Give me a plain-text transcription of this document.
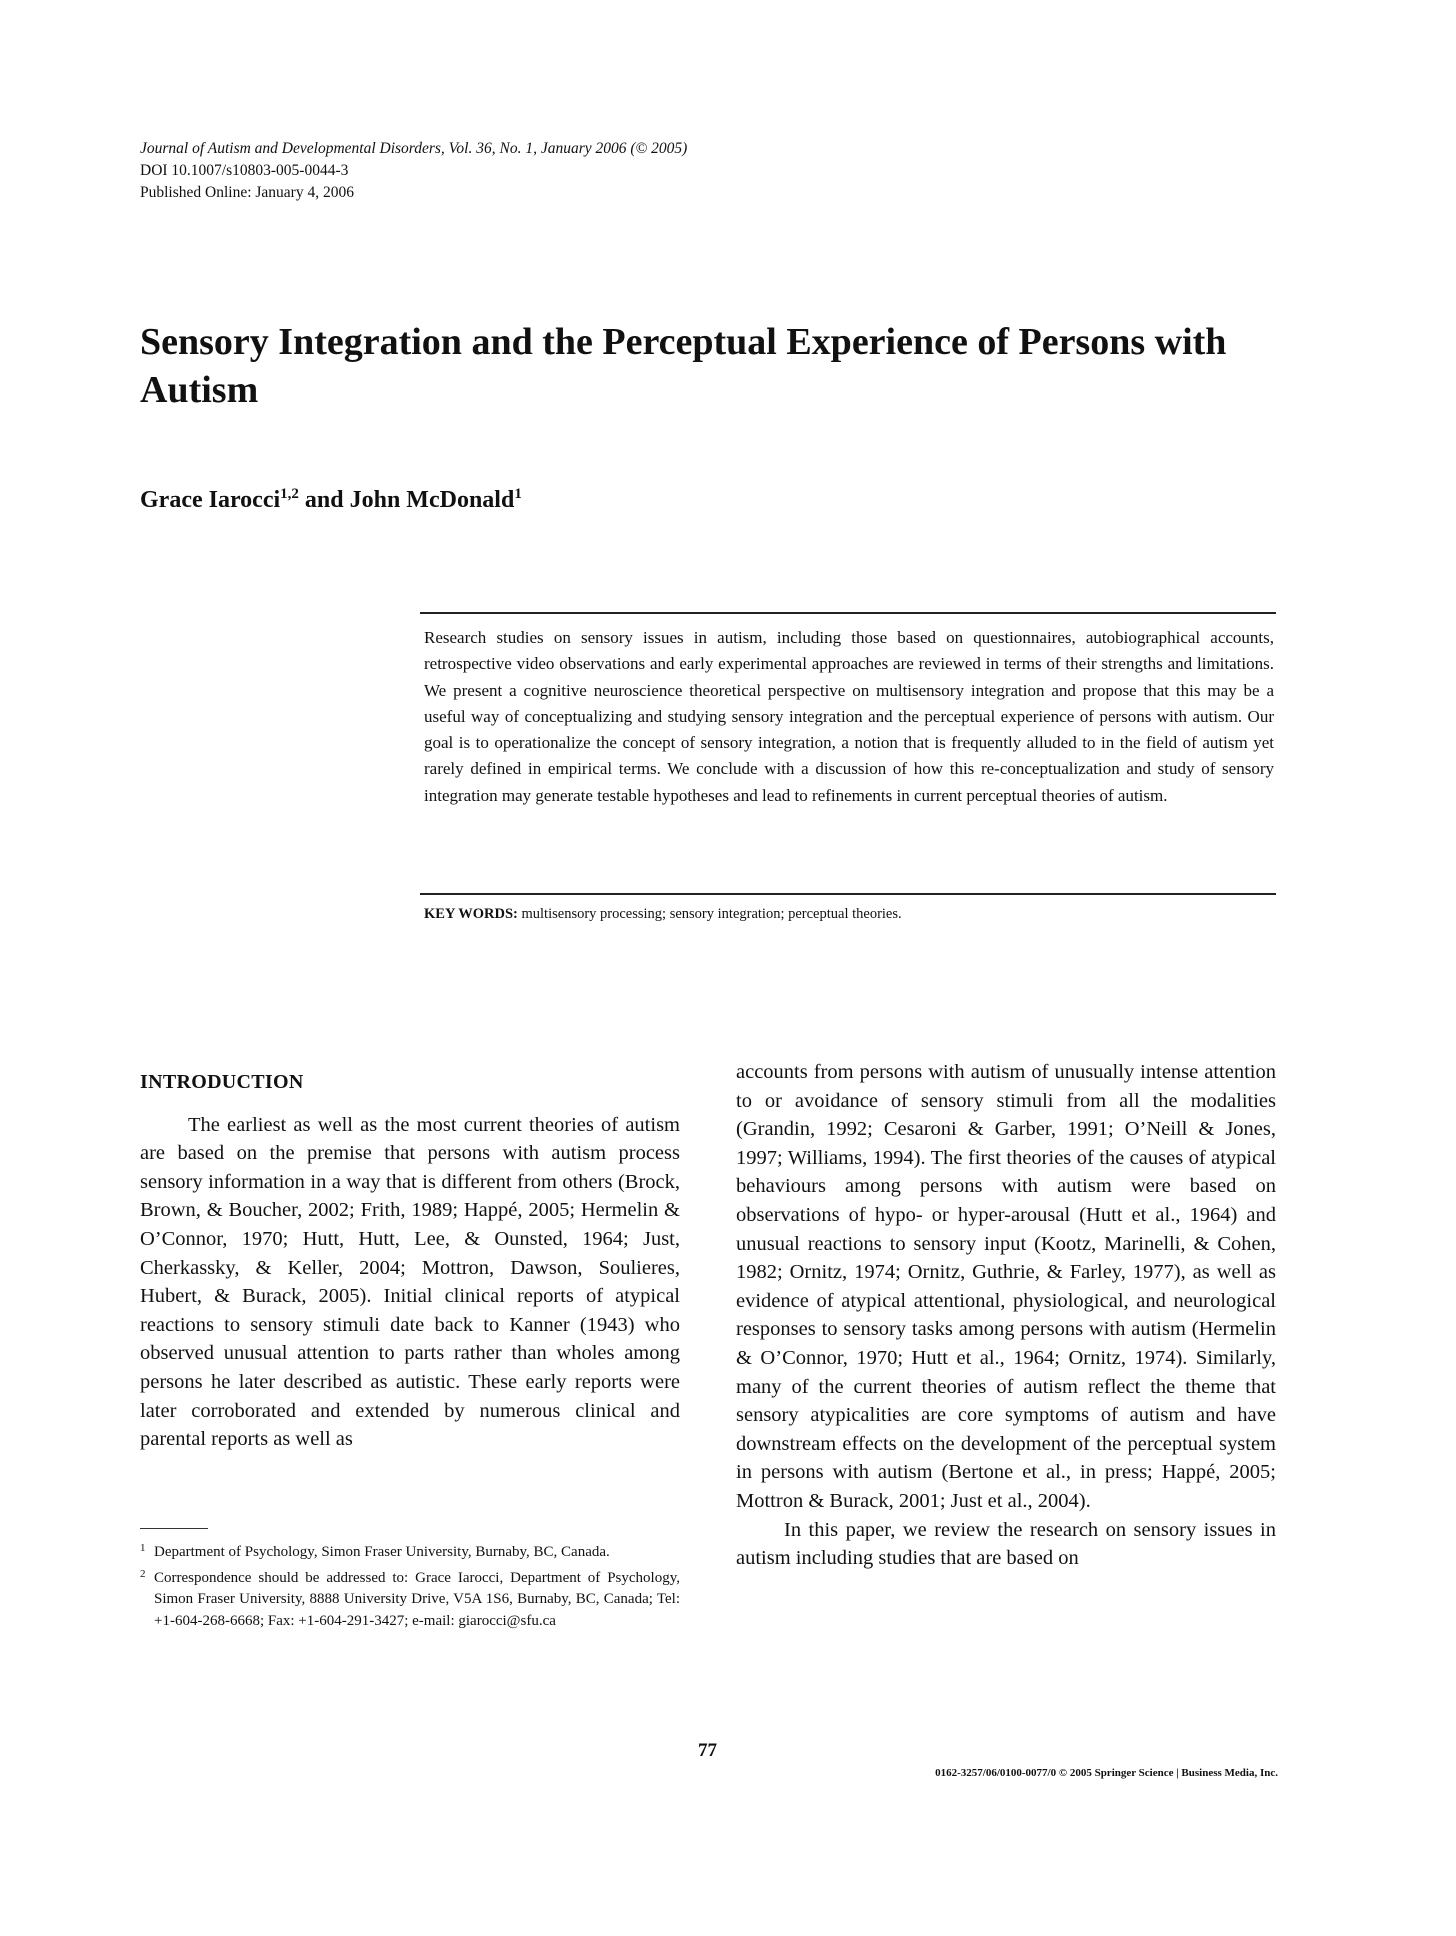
Journal of Autism and Developmental Disorders, Vol. 36, No. 1, January 2006 (© 2005)
DOI 10.1007/s10803-005-0044-3
Published Online: January 4, 2006
Sensory Integration and the Perceptual Experience of Persons with Autism
Grace Iarocci$^{1,2}$ and John McDonald$^1$

Research studies on sensory issues in autism, including those based on questionnaires, autobiographical accounts, retrospective video observations and early experimental approaches are reviewed in terms of their strengths and limitations. We present a cognitive neuroscience theoretical perspective on multisensory integration and propose that this may be a useful way of conceptualizing and studying sensory integration and the perceptual experience of persons with autism. Our goal is to operationalize the concept of sensory integration, a notion that is frequently alluded to in the field of autism yet rarely defined in empirical terms. We conclude with a discussion of how this re-conceptualization and study of sensory integration may generate testable hypotheses and lead to refinements in current perceptual theories of autism.

KEY WORDS: multisensory processing; sensory integration; perceptual theories.
INTRODUCTION

The earliest as well as the most current theories of autism are based on the premise that persons with autism process sensory information in a way that is different from others (Brock, Brown, & Boucher, 2002; Frith, 1989; Happé, 2005; Hermelin & O’Connor, 1970; Hutt, Hutt, Lee, & Ounsted, 1964; Just, Cherkassky, & Keller, 2004; Mottron, Dawson, Soulieres, Hubert, & Burack, 2005). Initial clinical reports of atypical reactions to sensory stimuli date back to Kanner (1943) who observed unusual attention to parts rather than wholes among persons he later described as autistic. These early reports were later corroborated and extended by numerous clinical and parental reports as well as

accounts from persons with autism of unusually intense attention to or avoidance of sensory stimuli from all the modalities (Grandin, 1992; Cesaroni & Garber, 1991; O’Neill & Jones, 1997; Williams, 1994). The first theories of the causes of atypical behaviours among persons with autism were based on observations of hypo- or hyper-arousal (Hutt et al., 1964) and unusual reactions to sensory input (Kootz, Marinelli, & Cohen, 1982; Ornitz, 1974; Ornitz, Guthrie, & Farley, 1977), as well as evidence of atypical attentional, physiological, and neurological responses to sensory tasks among persons with autism (Hermelin & O’Connor, 1970; Hutt et al., 1964; Ornitz, 1974). Similarly, many of the current theories of autism reflect the theme that sensory atypicalities are core symptoms of autism and have downstream effects on the development of the perceptual system in persons with autism (Bertone et al., in press; Happé, 2005; Mottron & Burack, 2001; Just et al., 2004).

In this paper, we review the research on sensory issues in autism including studies that are based on

1 Department of Psychology, Simon Fraser University, Burnaby, BC, Canada.
2 Correspondence should be addressed to: Grace Iarocci, Department of Psychology, Simon Fraser University, 8888 University Drive, V5A 1S6, Burnaby, BC, Canada; Tel: +1-604-268-6668; Fax: +1-604-291-3427; e-mail: giarocci@sfu.ca
77
0162-3257/06/0100-0077/0 © 2005 Springer Science | Business Media, Inc.
